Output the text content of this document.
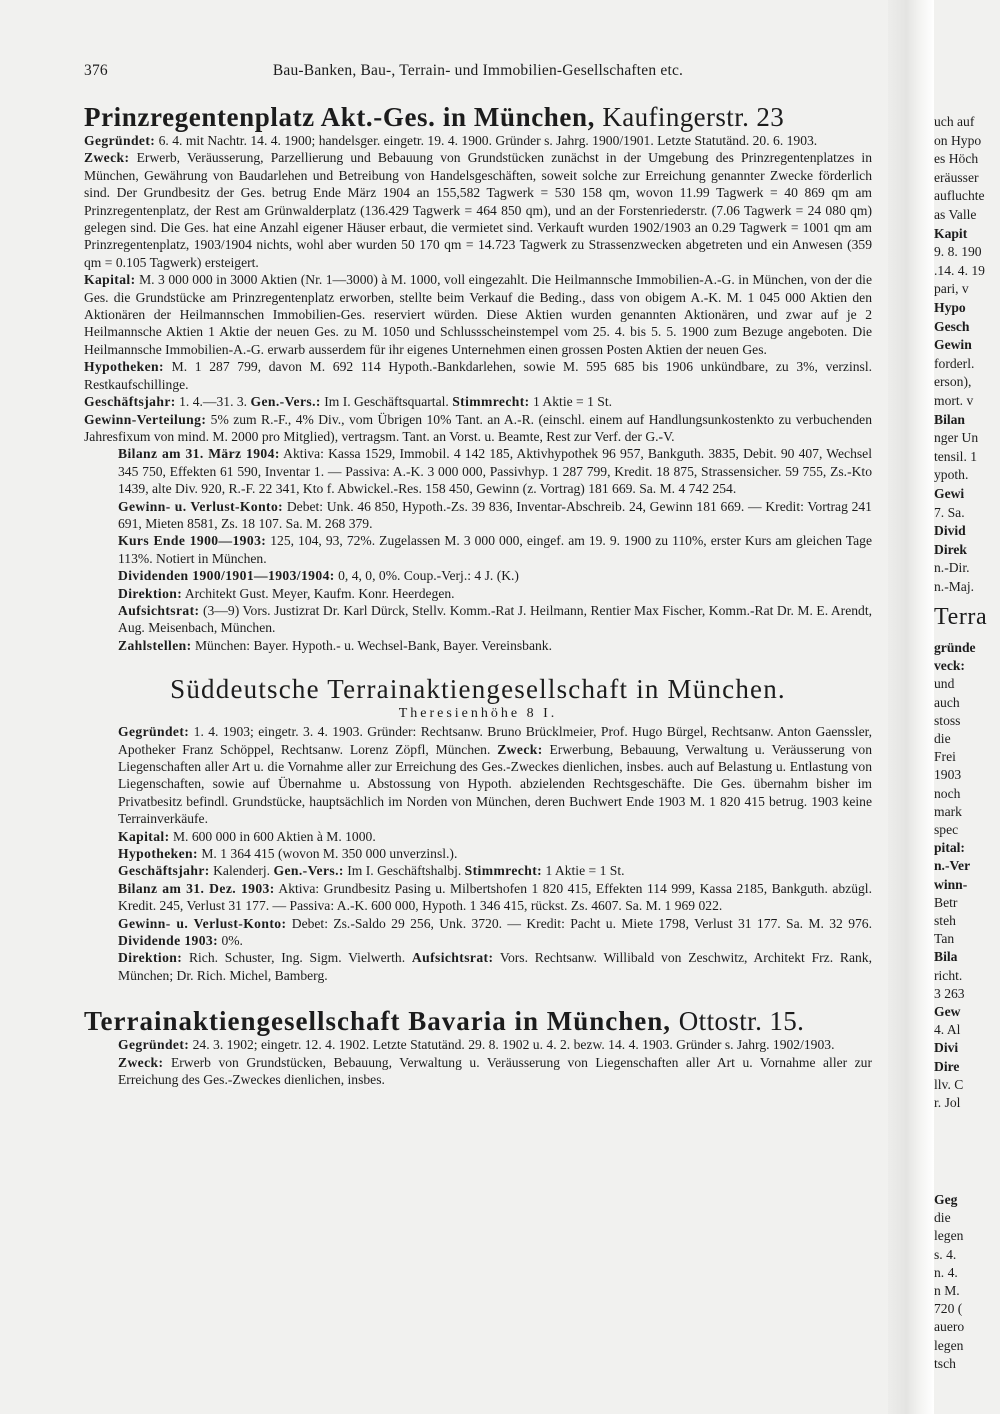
376	Bau-Banken, Bau-, Terrain- und Immobilien-Gesellschaften etc.
Prinzregentenplatz Akt.-Ges. in München, Kaufingerstr. 23

Gegründet: 6. 4. mit Nachtr. 14. 4. 1900; handelsger. eingetr. 19. 4. 1900. Gründer s. Jahrg. 1900/1901. Letzte Statutänd. 20. 6. 1903.

Zweck: Erwerb, Veräusserung, Parzellierung und Bebauung von Grundstücken zunächst in der Umgebung des Prinzregentenplatzes in München, Gewährung von Baudarlehen und Betreibung von Handelsgeschäften, soweit solche zur Erreichung genannter Zwecke förderlich sind. Der Grundbesitz der Ges. betrug Ende März 1904 an 155,582 Tagwerk = 530 158 qm, wovon 11.99 Tagwerk = 40 869 qm am Prinzregentenplatz, der Rest am Grünwalderplatz (136.429 Tagwerk = 464 850 qm), und an der Forstenriederstr. (7.06 Tagwerk = 24 080 qm) gelegen sind. Die Ges. hat eine Anzahl eigener Häuser erbaut, die vermietet sind. Verkauft wurden 1902/1903 an 0.29 Tagwerk = 1001 qm am Prinzregentenplatz, 1903/1904 nichts, wohl aber wurden 50 170 qm = 14.723 Tagwerk zu Strassenzwecken abgetreten und ein Anwesen (359 qm = 0.105 Tagwerk) ersteigert.

Kapital: M. 3 000 000 in 3000 Aktien (Nr. 1—3000) à M. 1000, voll eingezahlt. Die Heilmannsche Immobilien-A.-G. in München, von der die Ges. die Grundstücke am Prinzregentenplatz erworben, stellte beim Verkauf die Beding., dass von obigem A.-K. M. 1 045 000 Aktien den Aktionären der Heilmannschen Immobilien-Ges. reserviert würden. Diese Aktien wurden genannten Aktionären, und zwar auf je 2 Heilmannsche Aktien 1 Aktie der neuen Ges. zu M. 1050 und Schlussscheinstempel vom 25. 4. bis 5. 5. 1900 zum Bezuge angeboten. Die Heilmannsche Immobilien-A.-G. erwarb ausserdem für ihr eigenes Unternehmen einen grossen Posten Aktien der neuen Ges.

Hypotheken: M. 1 287 799, davon M. 692 114 Hypoth.-Bankdarlehen, sowie M. 595 685 bis 1906 unkündbare, zu 3%, verzinsl. Restkaufschillinge.

Geschäftsjahr: 1. 4.—31. 3. Gen.-Vers.: Im I. Geschäftsquartal. Stimmrecht: 1 Aktie = 1 St.

Gewinn-Verteilung: 5% zum R.-F., 4% Div., vom Übrigen 10% Tant. an A.-R. (einschl. einem auf Handlungsunkostenkto zu verbuchenden Jahresfixum von mind. M. 2000 pro Mitglied), vertragsm. Tant. an Vorst. u. Beamte, Rest zur Verf. der G.-V.

Bilanz am 31. März 1904: Aktiva: Kassa 1529, Immobil. 4 142 185, Aktivhypothek 96 957, Bankguth. 3835, Debit. 90 407, Wechsel 345 750, Effekten 61 590, Inventar 1. — Passiva: A.-K. 3 000 000, Passivhyp. 1 287 799, Kredit. 18 875, Strassensicher. 59 755, Zs.-Kto 1439, alte Div. 920, R.-F. 22 341, Kto f. Abwickel.-Res. 158 450, Gewinn (z. Vortrag) 181 669. Sa. M. 4 742 254.

Gewinn- u. Verlust-Konto: Debet: Unk. 46 850, Hypoth.-Zs. 39 836, Inventar-Abschreib. 24, Gewinn 181 669. — Kredit: Vortrag 241 691, Mieten 8581, Zs. 18 107. Sa. M. 268 379.

Kurs Ende 1900—1903: 125, 104, 93, 72%. Zugelassen M. 3 000 000, eingef. am 19. 9. 1900 zu 110%, erster Kurs am gleichen Tage 113%. Notiert in München.

Dividenden 1900/1901—1903/1904: 0, 4, 0, 0%. Coup.-Verj.: 4 J. (K.)

Direktion: Architekt Gust. Meyer, Kaufm. Konr. Heerdegen.

Aufsichtsrat: (3—9) Vors. Justizrat Dr. Karl Dürck, Stellv. Komm.-Rat J. Heilmann, Rentier Max Fischer, Komm.-Rat Dr. M. E. Arendt, Aug. Meisenbach, München.

Zahlstellen: München: Bayer. Hypoth.- u. Wechsel-Bank, Bayer. Vereinsbank.

Süddeutsche Terrainaktiengesellschaft in München.
Theresienhöhe 8 I.

Gegründet: 1. 4. 1903; eingetr. 3. 4. 1903. Gründer: Rechtsanw. Bruno Brücklmeier, Prof. Hugo Bürgel, Rechtsanw. Anton Gaenssler, Apotheker Franz Schöppel, Rechtsanw. Lorenz Zöpfl, München. Zweck: Erwerbung, Bebauung, Verwaltung u. Veräusserung von Liegenschaften aller Art u. die Vornahme aller zur Erreichung des Ges.-Zweckes dienlichen, insbes. auch auf Belastung u. Entlastung von Liegenschaften, sowie auf Übernahme u. Abstossung von Hypoth. abzielenden Rechtsgeschäfte. Die Ges. übernahm bisher im Privatbesitz befindl. Grundstücke, hauptsächlich im Norden von München, deren Buchwert Ende 1903 M. 1 820 415 betrug. 1903 keine Terrainverkäufe.

Kapital: M. 600 000 in 600 Aktien à M. 1000.

Hypotheken: M. 1 364 415 (wovon M. 350 000 unverzinsl.).

Geschäftsjahr: Kalenderj. Gen.-Vers.: Im I. Geschäftshalbj. Stimmrecht: 1 Aktie = 1 St.

Bilanz am 31. Dez. 1903: Aktiva: Grundbesitz Pasing u. Milbertshofen 1 820 415, Effekten 114 999, Kassa 2185, Bankguth. abzügl. Kredit. 245, Verlust 31 177. — Passiva: A.-K. 600 000, Hypoth. 1 346 415, rückst. Zs. 4607. Sa. M. 1 969 022.

Gewinn- u. Verlust-Konto: Debet: Zs.-Saldo 29 256, Unk. 3720. — Kredit: Pacht u. Miete 1798, Verlust 31 177. Sa. M. 32 976. Dividende 1903: 0%.

Direktion: Rich. Schuster, Ing. Sigm. Vielwerth. Aufsichtsrat: Vors. Rechtsanw. Willibald von Zeschwitz, Architekt Frz. Rank, München; Dr. Rich. Michel, Bamberg.

Terrainaktiengesellschaft Bavaria in München, Ottostr. 15.

Gegründet: 24. 3. 1902; eingetr. 12. 4. 1902. Letzte Statutänd. 29. 8. 1902 u. 4. 2. bezw. 14. 4. 1903. Gründer s. Jahrg. 1902/1903.

Zweck: Erwerb von Grundstücken, Bebauung, Verwaltung u. Veräusserung von Liegenschaften aller Art u. Vornahme aller zur Erreichung des Ges.-Zweckes dienlichen, insbes.

uch auf
on Hypo
es Höch
eräusser
aufluchte
as Valle
Kapit
9. 8. 190
.14. 4. 19
pari, v
Hypo
Gesch
Gewin
forderl.
erson),
mort. v
Bilan
nger Un
tensil. 1
ypoth.
Gewi
7. Sa.
Divid
Direk
n.-Dir.
n.-Maj.
Terra
gründe
veck:
und
auch
stoss
die
Frei
1903
noch
mark
spec
pital:
n.-Ver
winn-
Betr
steh
Tan
Bila
richt.
3 263
Gew
4. Al
Divi
Dire
llv. C
r. Jol
Geg
die
legen
s. 4.
n. 4.
n M.
720 (
auero
legen
tsch
